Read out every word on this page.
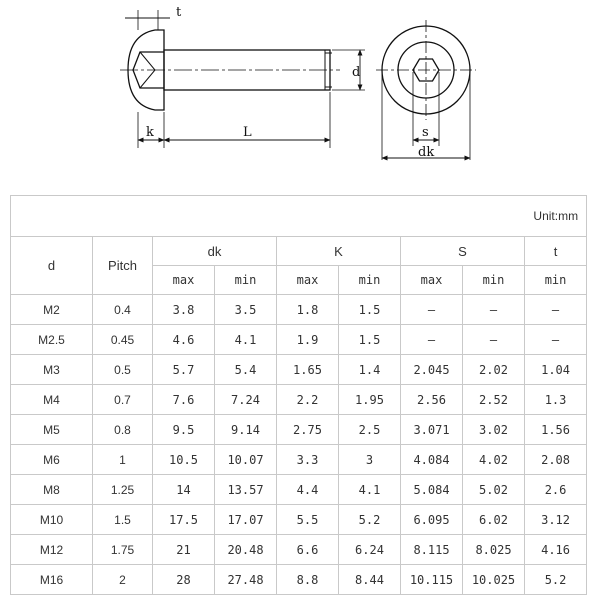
t
d
k	L	s
dk
Unit:mm								
d	Pitch	dk		K		S		t
		max	min	max	min	max	min	min
M2	0.4	3.8	3.5	1.8	1.5	–	–	–
M2.5	0.45	4.6	4.1	1.9	1.5	–	–	–
M3	0.5	5.7	5.4	1.65	1.4	2.045	2.02	1.04
M4	0.7	7.6	7.24	2.2	1.95	2.56	2.52	1.3
M5	0.8	9.5	9.14	2.75	2.5	3.071	3.02	1.56
M6	1	10.5	10.07	3.3	3	4.084	4.02	2.08
M8	1.25	14	13.57	4.4	4.1	5.084	5.02	2.6
M10	1.5	17.5	17.07	5.5	5.2	6.095	6.02	3.12
M12	1.75	21	20.48	6.6	6.24	8.115	8.025	4.16
M16	2	28	27.48	8.8	8.44	10.115	10.025	5.2
